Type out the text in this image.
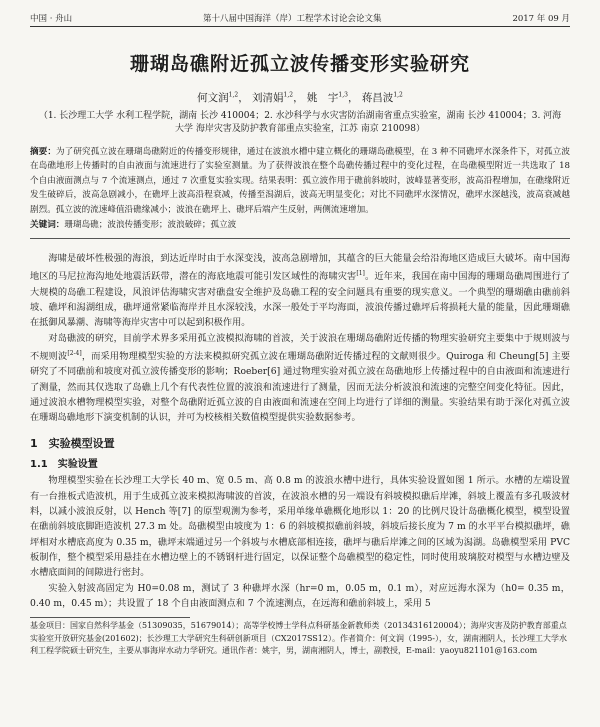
中国 · 舟山	第十八届中国海洋（岸）工程学术讨论会论文集	2017 年 09 月
珊瑚岛礁附近孤立波传播变形实验研究
何文润$^{1,2}$， 刘清娟$^{1,2}$， 姚　宇$^{1,3}$， 蒋昌波$^{1,2}$
（1. 长沙理工大学 水利工程学院，湖南 长沙 410004；2. 水沙科学与水灾害防治湖南省重点实验室，湖南 长沙 410004；3. 河海大学 海岸灾害及防护教育部重点实验室，江苏 南京 210098）
摘要：为了研究孤立波在珊瑚岛礁附近的传播变形规律，通过在波浪水槽中建立概化的珊瑚岛礁模型，在 3 种不同礁坪水深条件下，对孤立波在岛礁地形上传播时的自由液面与流速进行了实验室测量。为了获得波浪在整个岛礁传播过程中的变化过程，在岛礁模型附近一共选取了 18 个自由液面测点与 7 个流速测点，通过 7 次重复实验实现。结果表明：孤立波作用于礁前斜坡时，波峰显著变形，波高沿程增加，在礁缘附近发生破碎后，波高急剧减小，在礁坪上波高沿程衰减，传播至潟湖后，波高无明显变化；对比不同礁坪水深情况，礁坪水深越浅，波高衰减越剧烈。孤立波的流速峰值沿礁缘减小；波浪在礁坪上、礁坪后端产生反射，两侧流速增加。
关键词：珊瑚岛礁；波浪传播变形；波浪破碎；孤立波

海啸是破坏性极强的海浪，到达近岸时由于水深变浅，波高急剧增加，其蕴含的巨大能量会给沿海地区造成巨大破坏。南中国海地区的马尼拉海沟地处地震活跃带，潜在的海底地震可能引发区域性的海啸灾害[1]。近年来，我国在南中国海的珊瑚岛礁周围进行了大规模的岛礁工程建设，风浪评估海啸灾害对礁盘安全维护及岛礁工程的安全问题具有重要的现实意义。一个典型的珊瑚礁由礁前斜坡、礁坪和潟湖组成，礁坪通常紧临海岸并且水深较浅，水深一般处于平均海面，波浪传播过礁坪后将损耗大量的能量，因此珊瑚礁在抵御风暴潮、海啸等海岸灾害中可以起到积极作用。

对岛礁波的研究，目前学术界多采用孤立波模拟海啸的首波，关于波浪在珊瑚岛礁附近传播的物理实验研究主要集中于规则波与不规则波[2-4]，而采用物理模型实验的方法来模拟研究孤立波在珊瑚岛礁附近传播过程的文献则很少。Quiroga 和 Cheung[5] 主要研究了不同礁前和坡度对孤立波传播变形的影响；Roeber[6] 通过物理实验对孤立波在岛礁地形上传播过程中的自由液面和流速进行了测量，然而其仅选取了岛礁上几个有代表性位置的波浪和流速进行了测量，因而无法分析波浪和流速的完整空间变化特征。因此，通过波浪水槽物理模型实验，对整个岛礁附近孤立波的自由液面和流速在空间上均进行了详细的测量。实验结果有助于深化对孤立波在珊瑚岛礁地形下演变机制的认识，并可为校核相关数值模型提供实验数据参考。

1　实验模型设置
1.1　实验设置

物理模型实验在长沙理工大学长 40 m、宽 0.5 m、高 0.8 m 的波浪水槽中进行，具体实验设置如图 1 所示。水槽的左端设置有一台推板式造波机，用于生成孤立波来模拟海啸波的首波，在波浪水槽的另一端设有斜坡模拟礁后岸滩，斜坡上覆盖有多孔吸波材料，以减小波浪反射，以 Hench 等[7] 的原型观测为参考，采用单缘单礁概化地形以 1：20 的比例尺设计岛礁概化模型，模型设置在礁前斜坡底脚距造波机 27.3 m 处。岛礁模型由坡度为 1：6 的斜坡模拟礁前斜坡，斜坡后接长度为 7 m 的水平平台模拟礁坪，礁坪相对水槽底高度为 0.35 m，礁坪末端通过另一个斜坡与水槽底部相连接，礁坪与礁后岸滩之间的区域为潟湖。岛礁模型采用 PVC 板制作，整个模型采用悬挂在水槽边壁上的不锈钢杆进行固定，以保证整个岛礁模型的稳定性，同时使用玻璃胶对模型与水槽边壁及水槽底面间的间隙进行密封。

实验入射波高固定为 H0=0.08 m，测试了 3 种礁坪水深（hr=0 m，0.05 m，0.1 m），对应远海水深为（h0= 0.35 m，0.40 m，0.45 m）；共设置了 18 个自由液面测点和 7 个流速测点，在远海和礁前斜坡上，采用 5

基金项目：国家自然科学基金（51309035，51679014）；高等学校博士学科点科研基金新教师类（20134316120004）；海岸灾害及防护教育部重点实验室开放研究基金(201602)；长沙理工大学研究生科研创新项目（CX2017SS12）。作者简介：何文润（1995-），女，湖南湘阴人，长沙理工大学水利工程学院硕士研究生，主要从事海岸水动力学研究。通讯作者：姚宇，男，湖南湘阴人，博士，副教授，E-mail：yaoyu821101@163.com
